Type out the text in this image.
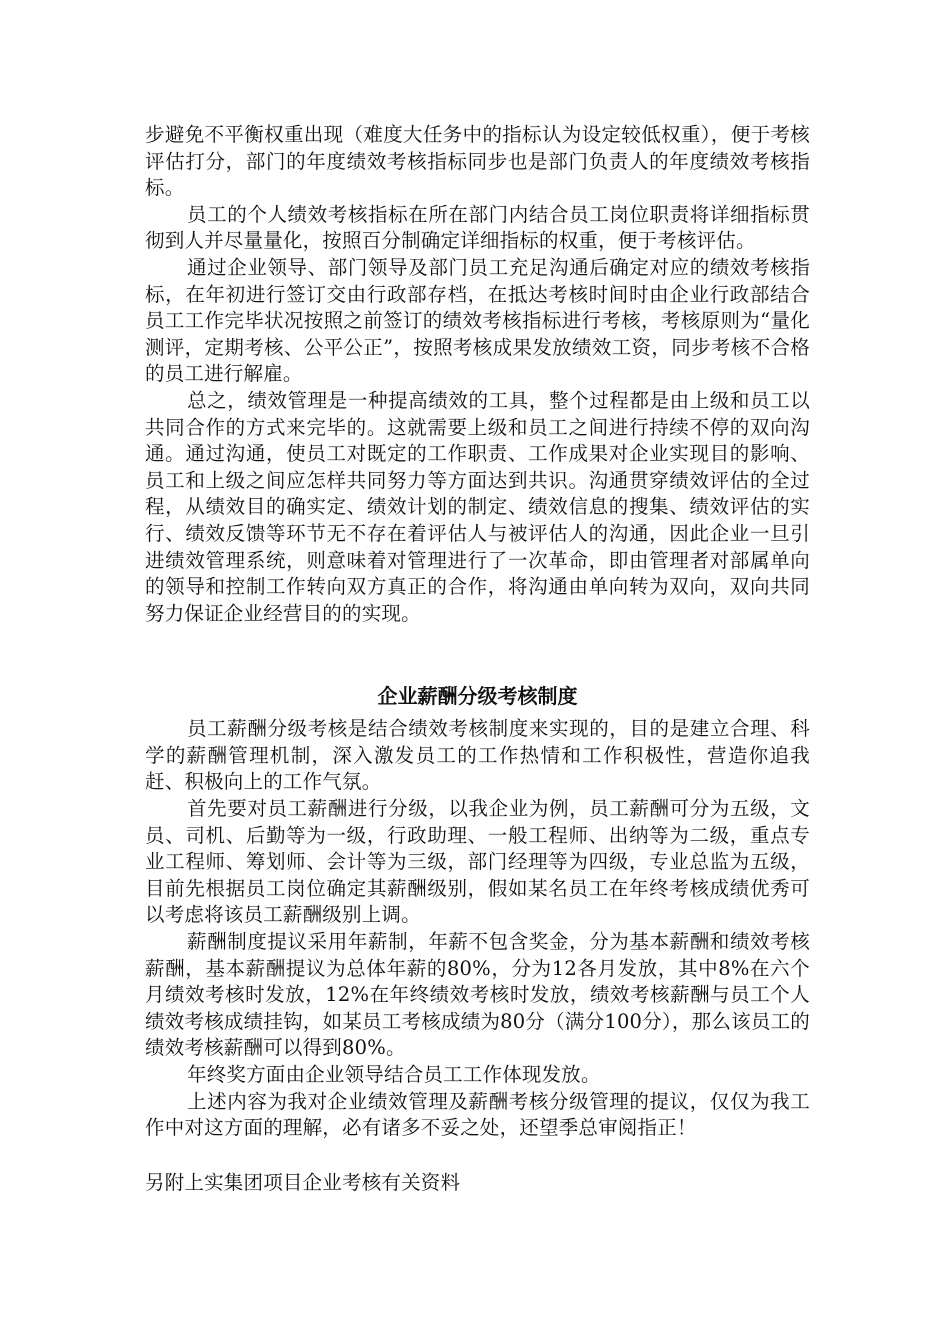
步避免不平衡权重出现（难度大任务中的指标认为设定较低权重），便于考核评估打分，部门的年度绩效考核指标同步也是部门负责人的年度绩效考核指标。

员工的个人绩效考核指标在所在部门内结合员工岗位职责将详细指标贯彻到人并尽量量化，按照百分制确定详细指标的权重，便于考核评估。

通过企业领导、部门领导及部门员工充足沟通后确定对应的绩效考核指标，在年初进行签订交由行政部存档，在抵达考核时间时由企业行政部结合员工工作完毕状况按照之前签订的绩效考核指标进行考核，考核原则为“量化测评，定期考核、公平公正”，按照考核成果发放绩效工资，同步考核不合格的员工进行解雇。

总之，绩效管理是一种提高绩效的工具，整个过程都是由上级和员工以共同合作的方式来完毕的。这就需要上级和员工之间进行持续不停的双向沟通。通过沟通，使员工对既定的工作职责、工作成果对企业实现目的影响、员工和上级之间应怎样共同努力等方面达到共识。沟通贯穿绩效评估的全过程，从绩效目的确实定、绩效计划的制定、绩效信息的搜集、绩效评估的实行、绩效反馈等环节无不存在着评估人与被评估人的沟通，因此企业一旦引进绩效管理系统，则意味着对管理进行了一次革命，即由管理者对部属单向的领导和控制工作转向双方真正的合作，将沟通由单向转为双向，双向共同努力保证企业经营目的的实现。

企业薪酬分级考核制度

员工薪酬分级考核是结合绩效考核制度来实现的，目的是建立合理、科学的薪酬管理机制，深入激发员工的工作热情和工作积极性，营造你追我赶、积极向上的工作气氛。

首先要对员工薪酬进行分级，以我企业为例，员工薪酬可分为五级，文员、司机、后勤等为一级，行政助理、一般工程师、出纳等为二级，重点专业工程师、筹划师、会计等为三级，部门经理等为四级，专业总监为五级，目前先根据员工岗位确定其薪酬级别，假如某名员工在年终考核成绩优秀可以考虑将该员工薪酬级别上调。

薪酬制度提议采用年薪制，年薪不包含奖金，分为基本薪酬和绩效考核薪酬，基本薪酬提议为总体年薪的80%，分为12各月发放，其中8%在六个月绩效考核时发放，12%在年终绩效考核时发放，绩效考核薪酬与员工个人绩效考核成绩挂钩，如某员工考核成绩为80分（满分100分），那么该员工的绩效考核薪酬可以得到80%。

年终奖方面由企业领导结合员工工作体现发放。

上述内容为我对企业绩效管理及薪酬考核分级管理的提议，仅仅为我工作中对这方面的理解，必有诸多不妥之处，还望季总审阅指正！

另附上实集团项目企业考核有关资料
